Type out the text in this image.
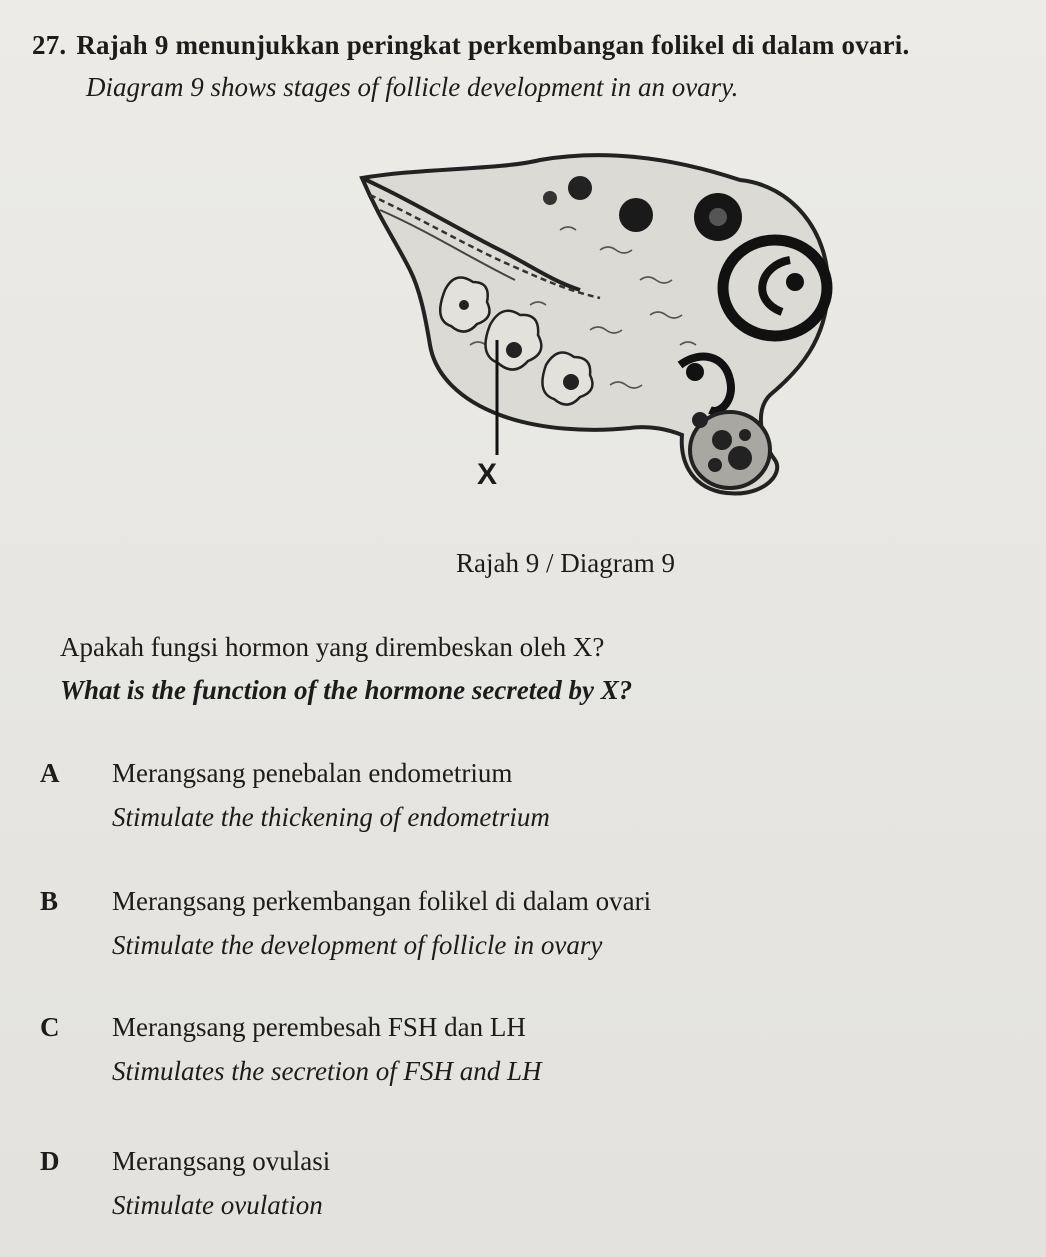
27. Rajah 9 menunjukkan peringkat perkembangan folikel di dalam ovari.
Diagram 9 shows stages of follicle development in an ovary.
X
Rajah 9 / Diagram 9
Apakah fungsi hormon yang dirembeskan oleh X?
What is the function of the hormone secreted by X?
A Merangsang penebalan endometrium
Stimulate the thickening of endometrium
B Merangsang perkembangan folikel di dalam ovari
Stimulate the development of follicle in ovary
C Merangsang perembesah FSH dan LH
Stimulates the secretion of FSH and LH
D Merangsang ovulasi
Stimulate ovulation
